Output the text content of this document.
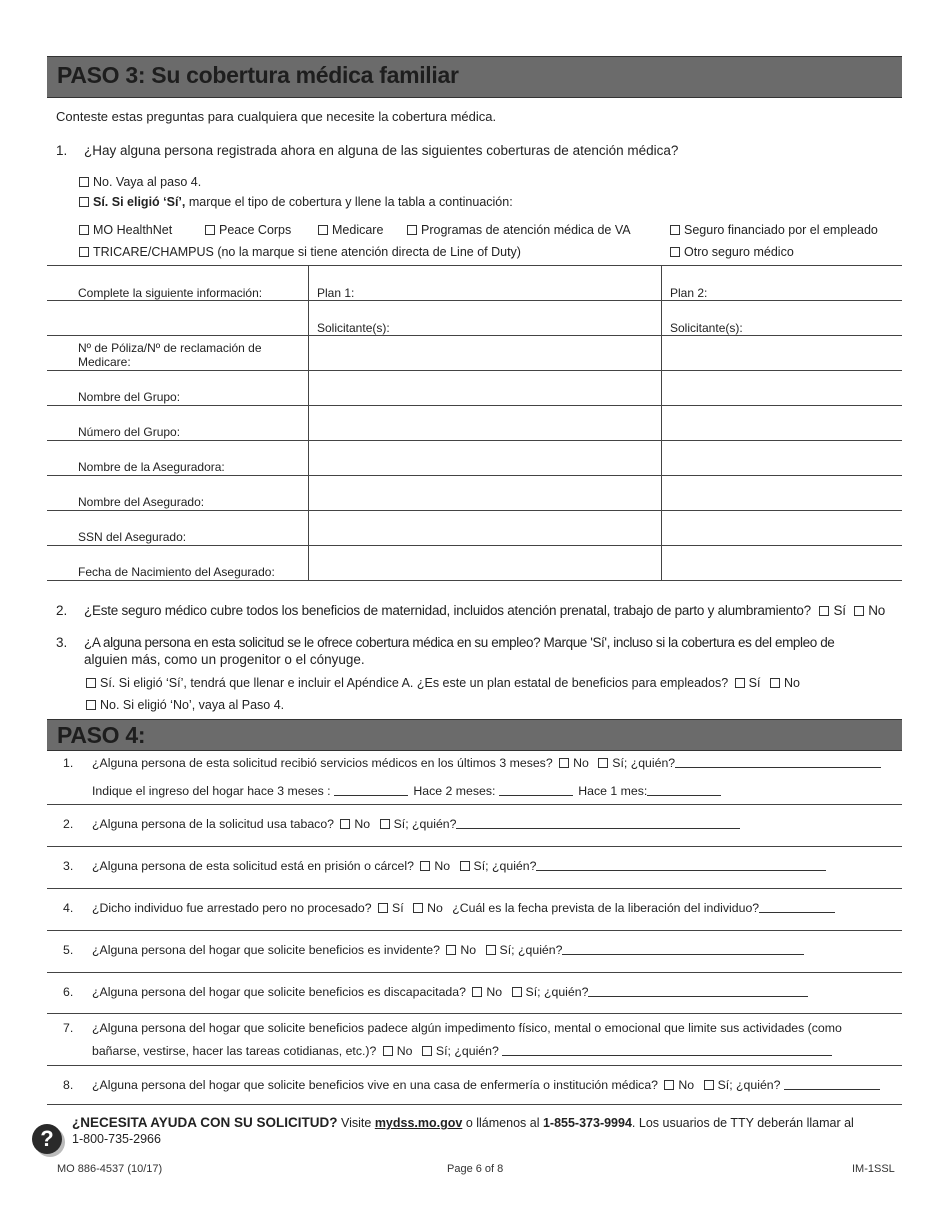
PASO 3: Su cobertura médica familiar
Conteste estas preguntas para cualquiera que necesite la cobertura médica.
1. ¿Hay alguna persona registrada ahora en alguna de las siguientes coberturas de atención médica?
No. Vaya al paso 4.
Sí. Si eligió ‘Sí’, marque el tipo de cobertura y llene la tabla a continuación:
MO HealthNet	Peace Corps	Medicare	Programas de atención médica de VA	Seguro financiado por el empleado
TRICARE/CHAMPUS (no la marque si tiene atención directa de Line of Duty)	Otro seguro médico
Complete la siguiente información:	Plan 1:	Plan 2:
Solicitante(s):	Solicitante(s):
Nº de Póliza/Nº de reclamación de
Medicare:
Nombre del Grupo:
Número del Grupo:
Nombre de la Aseguradora:
Nombre del Asegurado:
SSN del Asegurado:
Fecha de Nacimiento del Asegurado:
2. ¿Este seguro médico cubre todos los beneficios de maternidad, incluidos atención prenatal, trabajo de parto y alumbramiento? Sí No
3. ¿A alguna persona en esta solicitud se le ofrece cobertura médica en su empleo? Marque 'Sí', incluso si la cobertura es del empleo de
alguien más, como un progenitor o el cónyuge.
Sí. Si eligió ‘Sí’, tendrá que llenar e incluir el Apéndice A. ¿Es este un plan estatal de beneficios para empleados? Sí No
No. Si eligió ‘No’, vaya al Paso 4.
PASO 4:
1. ¿Alguna persona de esta solicitud recibió servicios médicos en los últimos 3 meses? No Sí; ¿quién?
Indique el ingreso del hogar hace 3 meses :	Hace 2 meses:	Hace 1 mes:
2. ¿Alguna persona de la solicitud usa tabaco? No Sí; ¿quién?
3. ¿Alguna persona de esta solicitud está en prisión o cárcel? No Sí; ¿quién?
4. ¿Dicho individuo fue arrestado pero no procesado? Sí No ¿Cuál es la fecha prevista de la liberación del individuo?
5. ¿Alguna persona del hogar que solicite beneficios es invidente? No Sí; ¿quién?
6. ¿Alguna persona del hogar que solicite beneficios es discapacitada? No Sí; ¿quién?
7. ¿Alguna persona del hogar que solicite beneficios padece algún impedimento físico, mental o emocional que limite sus actividades (como
bañarse, vestirse, hacer las tareas cotidianas, etc.)? No Sí; ¿quién?
8. ¿Alguna persona del hogar que solicite beneficios vive en una casa de enfermería o institución médica? No Sí; ¿quién?
?
¿NECESITA AYUDA CON SU SOLICITUD? Visite mydss.mo.gov o llámenos al 1-855-373-9994. Los usuarios de TTY deberán llamar al
1-800-735-2966
MO 886-4537 (10/17)	Page 6 of 8	IM-1SSL
